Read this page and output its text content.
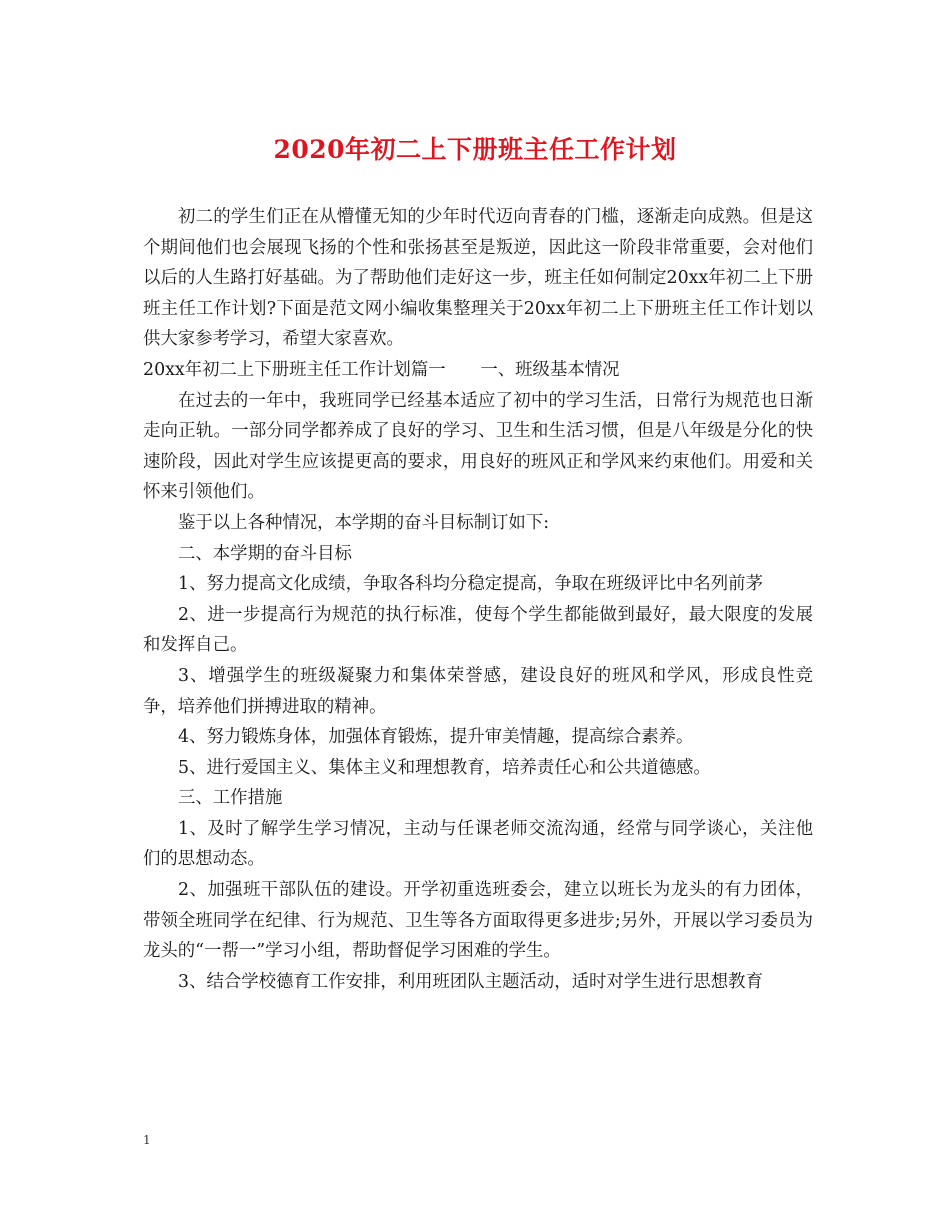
2020年初二上下册班主任工作计划

初二的学生们正在从懵懂无知的少年时代迈向青春的门槛，逐渐走向成熟。但是这个期间他们也会展现飞扬的个性和张扬甚至是叛逆，因此这一阶段非常重要，会对他们以后的人生路打好基础。为了帮助他们走好这一步，班主任如何制定20xx年初二上下册班主任工作计划?下面是范文网小编收集整理关于20xx年初二上下册班主任工作计划以供大家参考学习，希望大家喜欢。

20xx年初二上下册班主任工作计划篇一　　一、班级基本情况

在过去的一年中，我班同学已经基本适应了初中的学习生活，日常行为规范也日渐走向正轨。一部分同学都养成了良好的学习、卫生和生活习惯，但是八年级是分化的快速阶段，因此对学生应该提更高的要求，用良好的班风正和学风来约束他们。用爱和关怀来引领他们。

鉴于以上各种情况，本学期的奋斗目标制订如下:

二、本学期的奋斗目标

1、努力提高文化成绩，争取各科均分稳定提高，争取在班级评比中名列前茅

2、进一步提高行为规范的执行标准，使每个学生都能做到最好，最大限度的发展和发挥自己。

3、增强学生的班级凝聚力和集体荣誉感，建设良好的班风和学风，形成良性竞争，培养他们拼搏进取的精神。

4、努力锻炼身体，加强体育锻炼，提升审美情趣，提高综合素养。

5、进行爱国主义、集体主义和理想教育，培养责任心和公共道德感。

三、工作措施

1、及时了解学生学习情况，主动与任课老师交流沟通，经常与同学谈心，关注他们的思想动态。

2、加强班干部队伍的建设。开学初重选班委会，建立以班长为龙头的有力团体，带领全班同学在纪律、行为规范、卫生等各方面取得更多进步;另外，开展以学习委员为龙头的“一帮一”学习小组，帮助督促学习困难的学生。

3、结合学校德育工作安排，利用班团队主题活动，适时对学生进行思想教育

1
